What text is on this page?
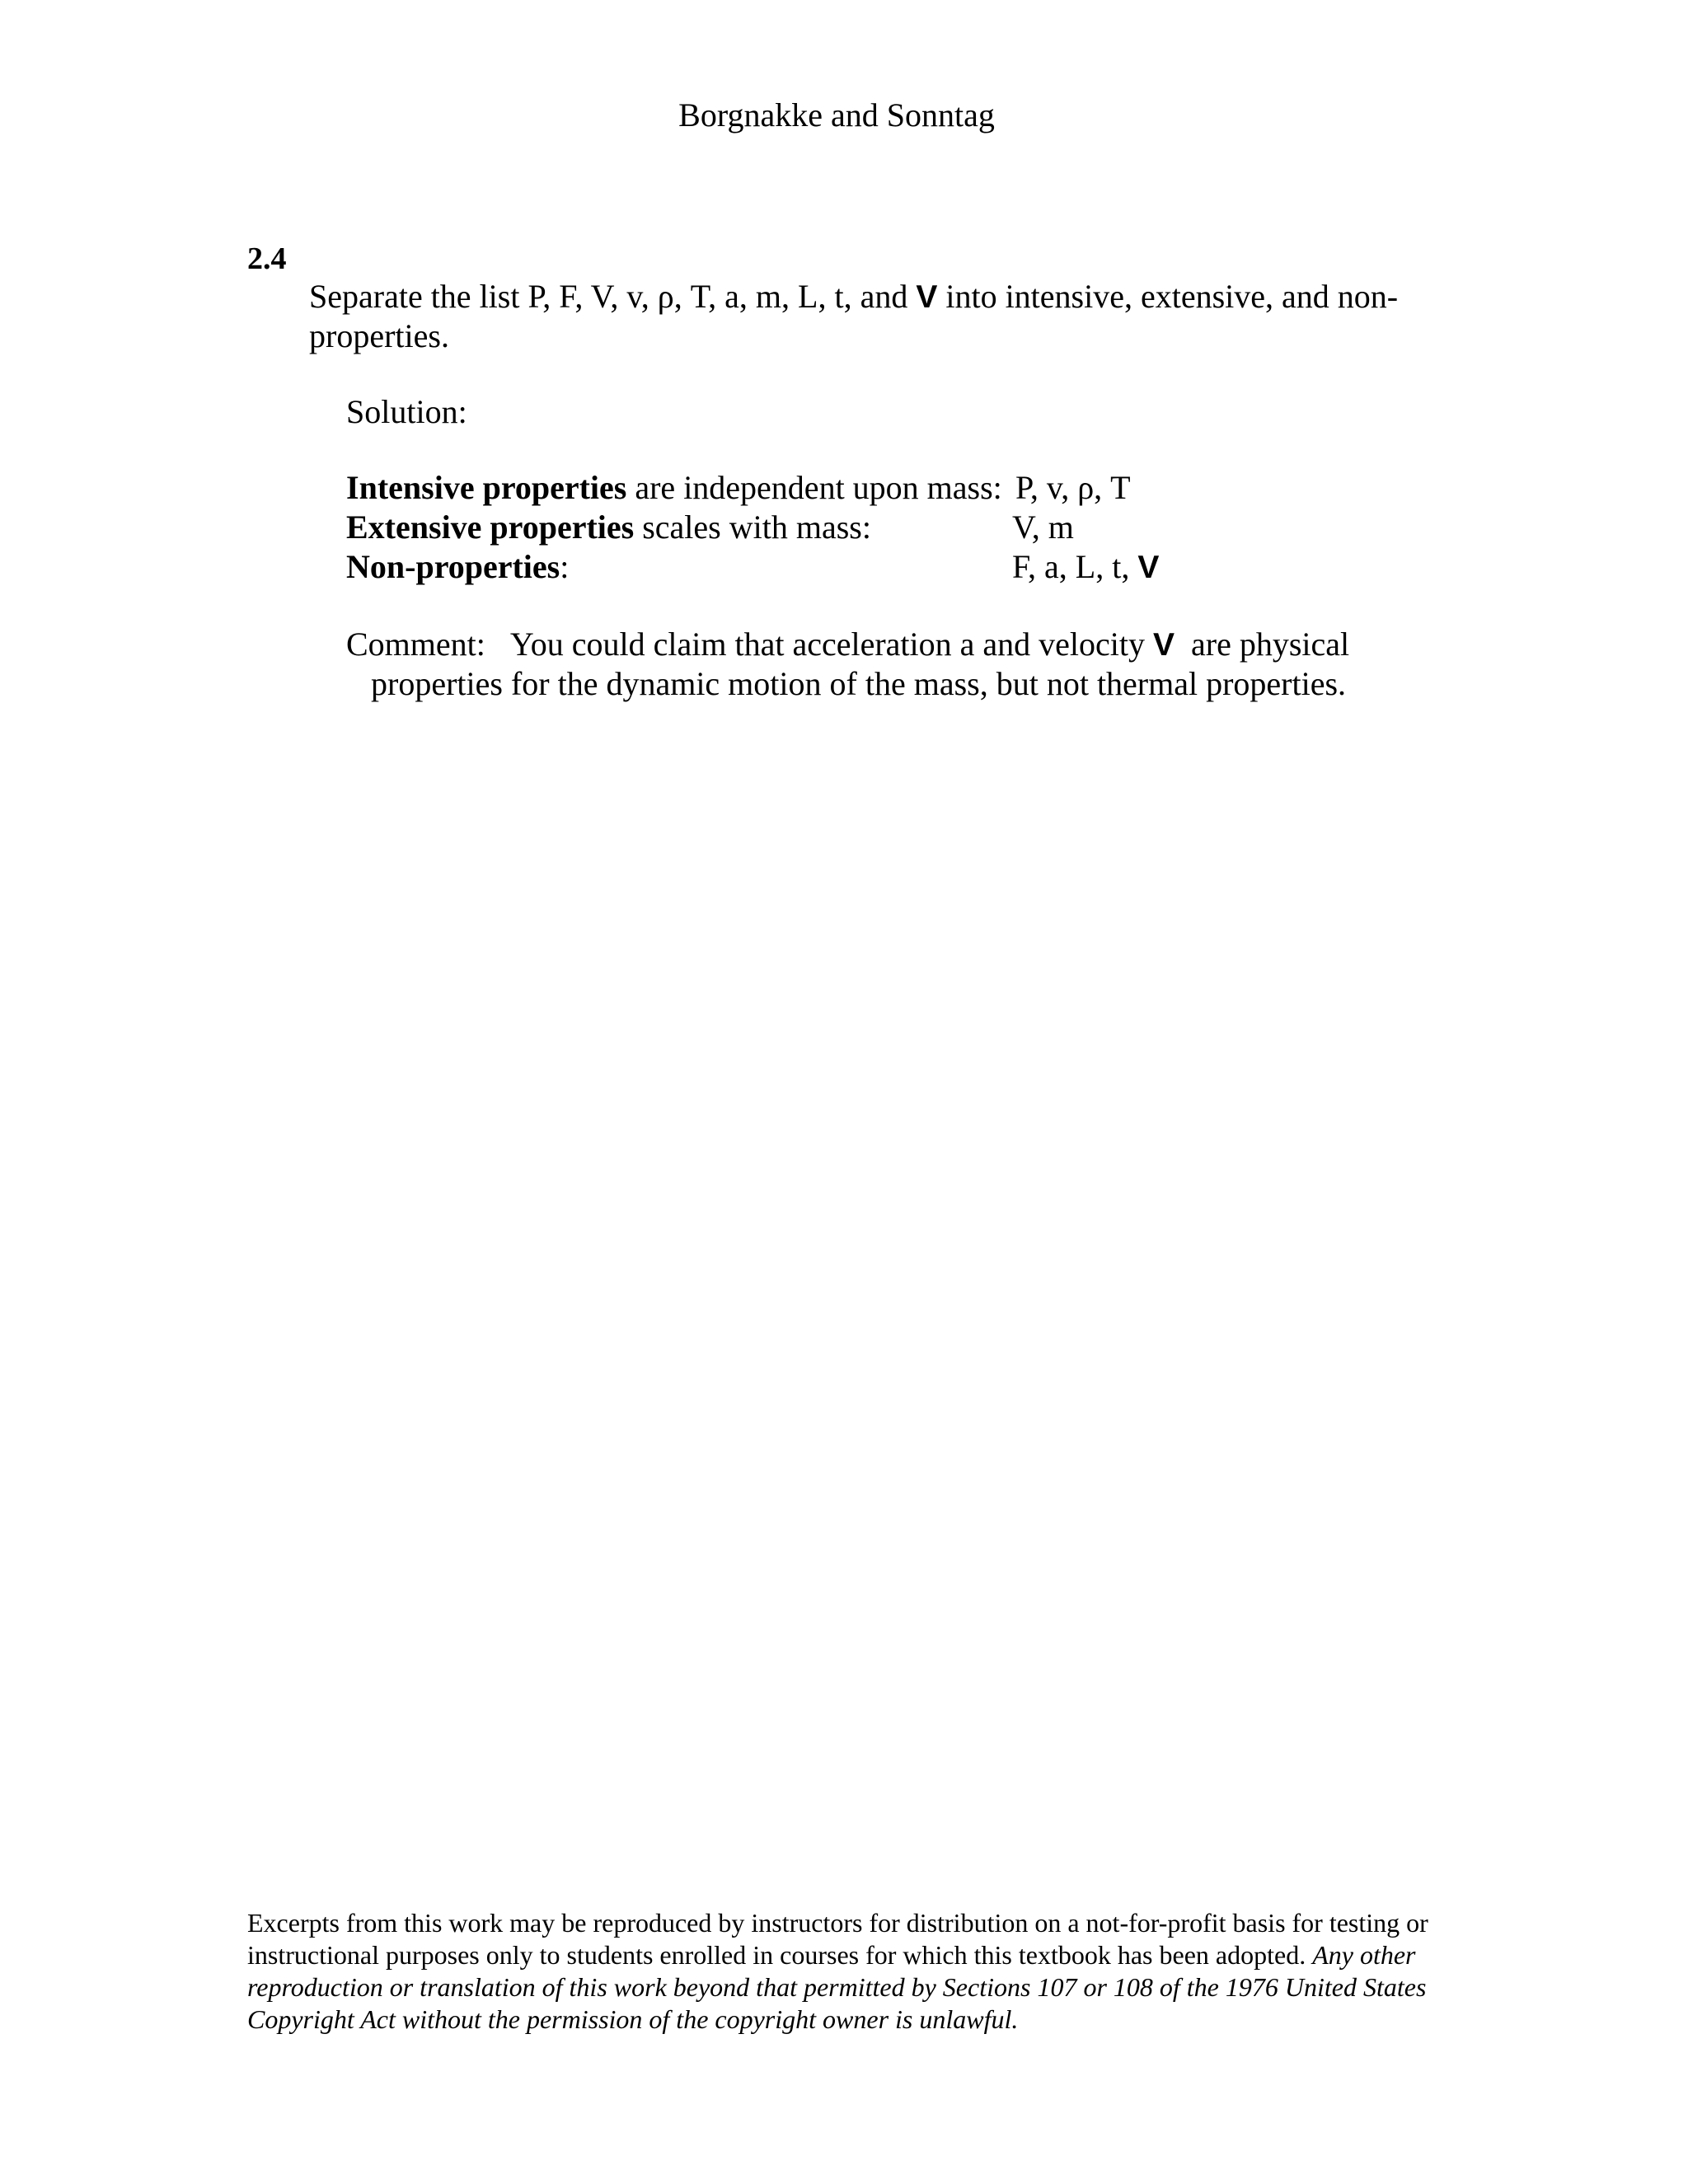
Borgnakke and Sonntag
2.4
Separate the list P, F, V, v, ρ, T, a, m, L, t, and V into intensive, extensive, and non-properties.
Solution:
Intensive properties are independent upon mass: P, v, ρ, T
Extensive properties scales with mass:	V, m
Non-properties:	F, a, L, t, V
Comment: You could claim that acceleration a and velocity V  are physical
properties for the dynamic motion of the mass, but not thermal properties.
Excerpts from this work may be reproduced by instructors for distribution on a not-for-profit basis for testing or instructional purposes only to students enrolled in courses for which this textbook has been adopted. Any other reproduction or translation of this work beyond that permitted by Sections 107 or 108 of the 1976 United States Copyright Act without the permission of the copyright owner is unlawful.
